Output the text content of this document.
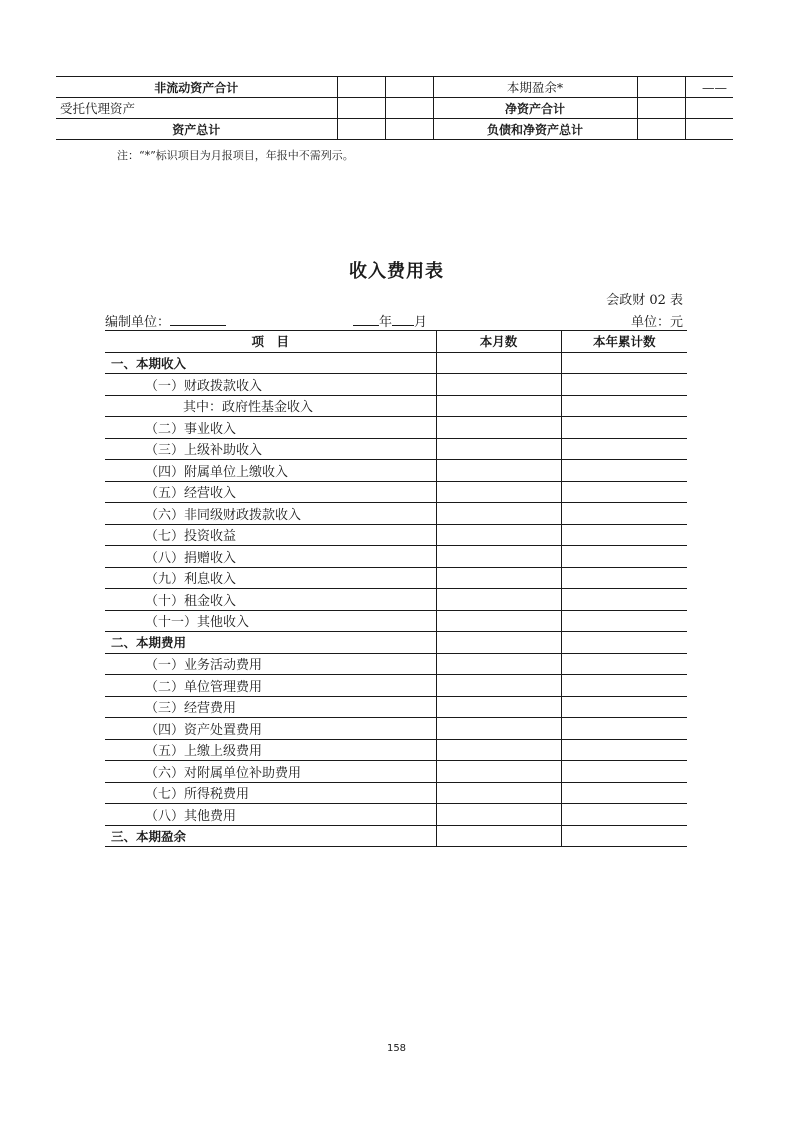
非流动资产合计			本期盈余*		——
受托代理资产			净资产合计		
资产总计			负债和净资产总计		
注：“*”标识项目为月报项目，年报中不需列示。
收入费用表
会政财 02 表
编制单位：	年 月	单位：元
项　目	本月数	本年累计数
一、本期收入		
（一）财政拨款收入		
其中：政府性基金收入		
（二）事业收入		
（三）上级补助收入		
（四）附属单位上缴收入		
（五）经营收入		
（六）非同级财政拨款收入		
（七）投资收益		
（八）捐赠收入		
（九）利息收入		
（十）租金收入		
（十一）其他收入		
二、本期费用		
（一）业务活动费用		
（二）单位管理费用		
（三）经营费用		
（四）资产处置费用		
（五）上缴上级费用		
（六）对附属单位补助费用		
（七）所得税费用		
（八）其他费用		
三、本期盈余		
158
